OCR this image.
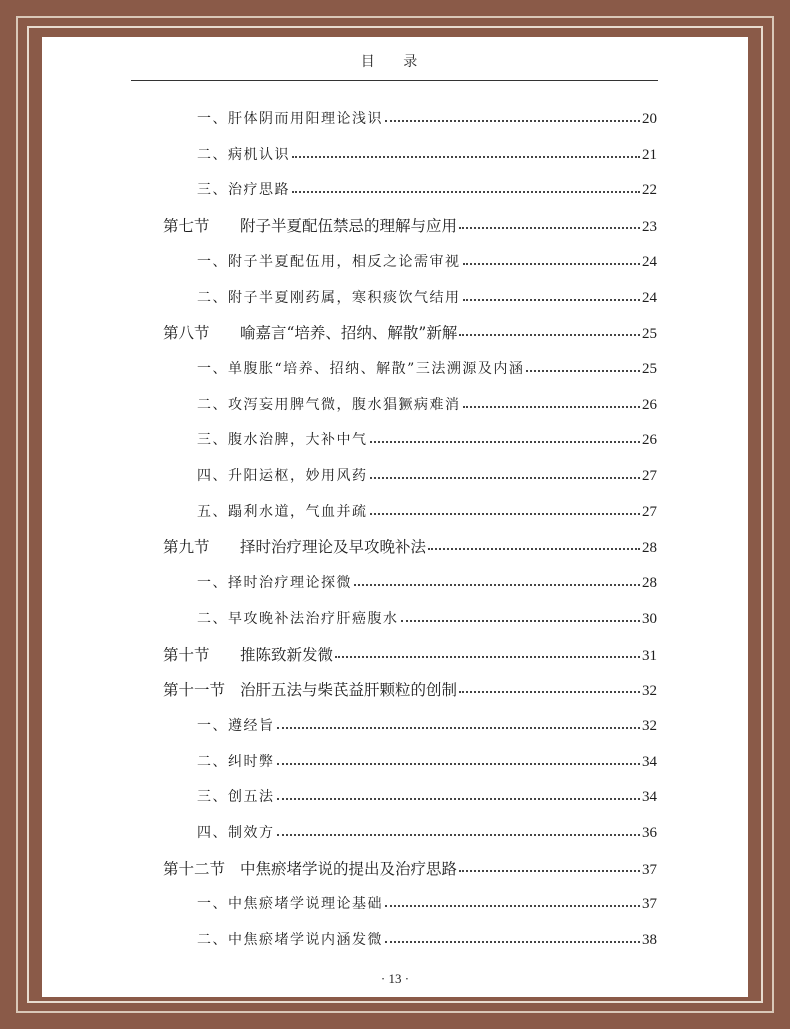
目 录
一、肝体阴而用阳理论浅识	20
二、病机认识	21
三、治疗思路	22
第七节 附子半夏配伍禁忌的理解与应用	23
一、附子半夏配伍用，相反之论需审视	24
二、附子半夏刚药属，寒积痰饮气结用	24
第八节 喻嘉言“培养、招纳、解散”新解	25
一、单腹胀“培养、招纳、解散”三法溯源及内涵	25
二、攻泻妄用脾气微，腹水猖獗病难消	26
三、腹水治脾，大补中气	26
四、升阳运枢，妙用风药	27
五、蹋利水道，气血并疏	27
第九节 择时治疗理论及早攻晚补法	28
一、择时治疗理论探微	28
二、早攻晚补法治疗肝癌腹水	30
第十节 推陈致新发微	31
第十一节 治肝五法与柴芪益肝颗粒的创制	32
一、遵经旨	32
二、纠时弊	34
三、创五法	34
四、制效方	36
第十二节 中焦瘀堵学说的提出及治疗思路	37
一、中焦瘀堵学说理论基础	37
二、中焦瘀堵学说内涵发微	38
· 13 ·
